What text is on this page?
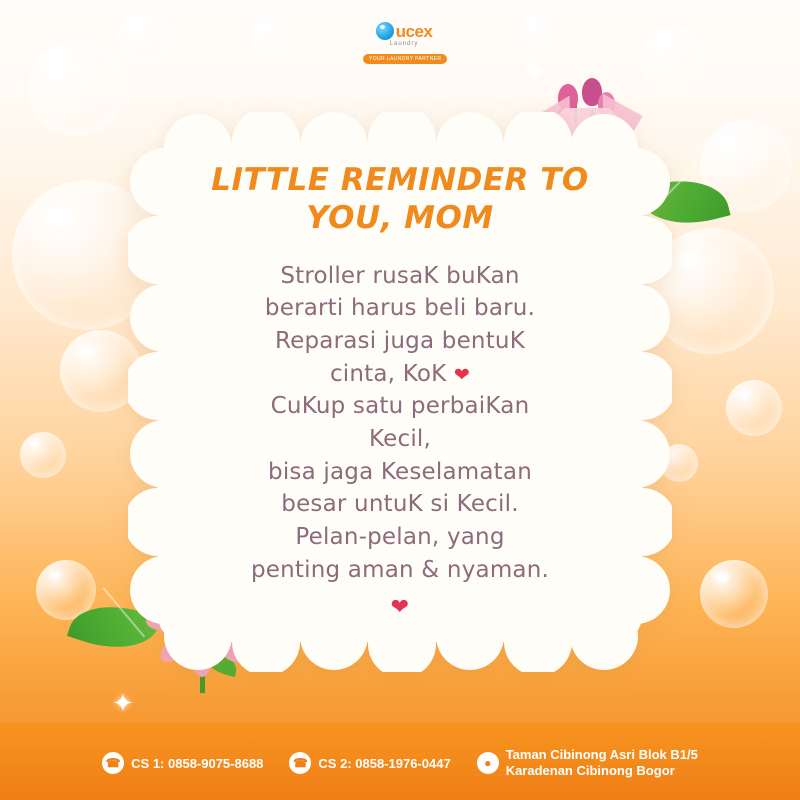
ucex
Laundry
YOUR LAUNDRY PARTNER ✦
✦
LITTLE REMINDER TO YOU, MOM

Stroller rusaK buKan
berarti harus beli baru.
Reparasi juga bentuK
cinta, KoK ❤
CuKup satu perbaiKan
Kecil,
bisa jaga Keselamatan
besar untuK si Kecil.
Pelan-pelan, yang
penting aman & nyaman.
❤

☎ CS 1: 0858-9075-8688 ☎ CS 2: 0858-1976-0447	●
Taman Cibinong Asri Blok B1/5
Karadenan Cibinong Bogor
